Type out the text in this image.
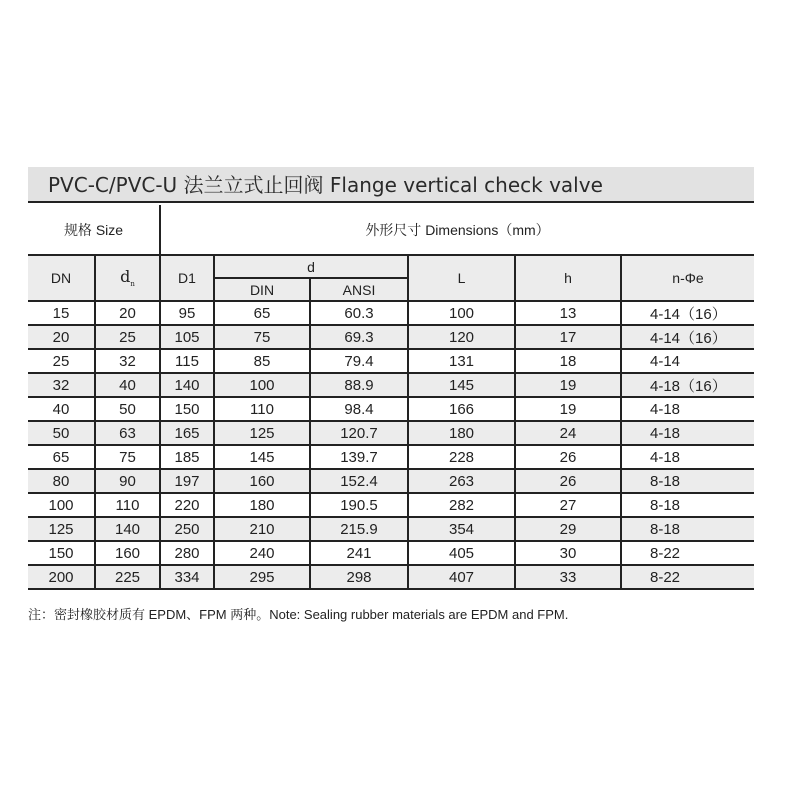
PVC-C/PVC-U 法兰立式止回阀 Flange vertical check valve
规格 Size		外形尺寸 Dimensions（mm）					
DN	$d_n$	D1	d		L	h	n-Φe
			DIN	ANSI			
15	20	95	65	60.3	100	13	4-14（16）
20	25	105	75	69.3	120	17	4-14（16）
25	32	115	85	79.4	131	18	4-14
32	40	140	100	88.9	145	19	4-18（16）
40	50	150	110	98.4	166	19	4-18
50	63	165	125	120.7	180	24	4-18
65	75	185	145	139.7	228	26	4-18
80	90	197	160	152.4	263	26	8-18
100	110	220	180	190.5	282	27	8-18
125	140	250	210	215.9	354	29	8-18
150	160	280	240	241	405	30	8-22
200	225	334	295	298	407	33	8-22
注：密封橡胶材质有 EPDM、FPM 两种。Note: Sealing rubber materials are EPDM and FPM.
